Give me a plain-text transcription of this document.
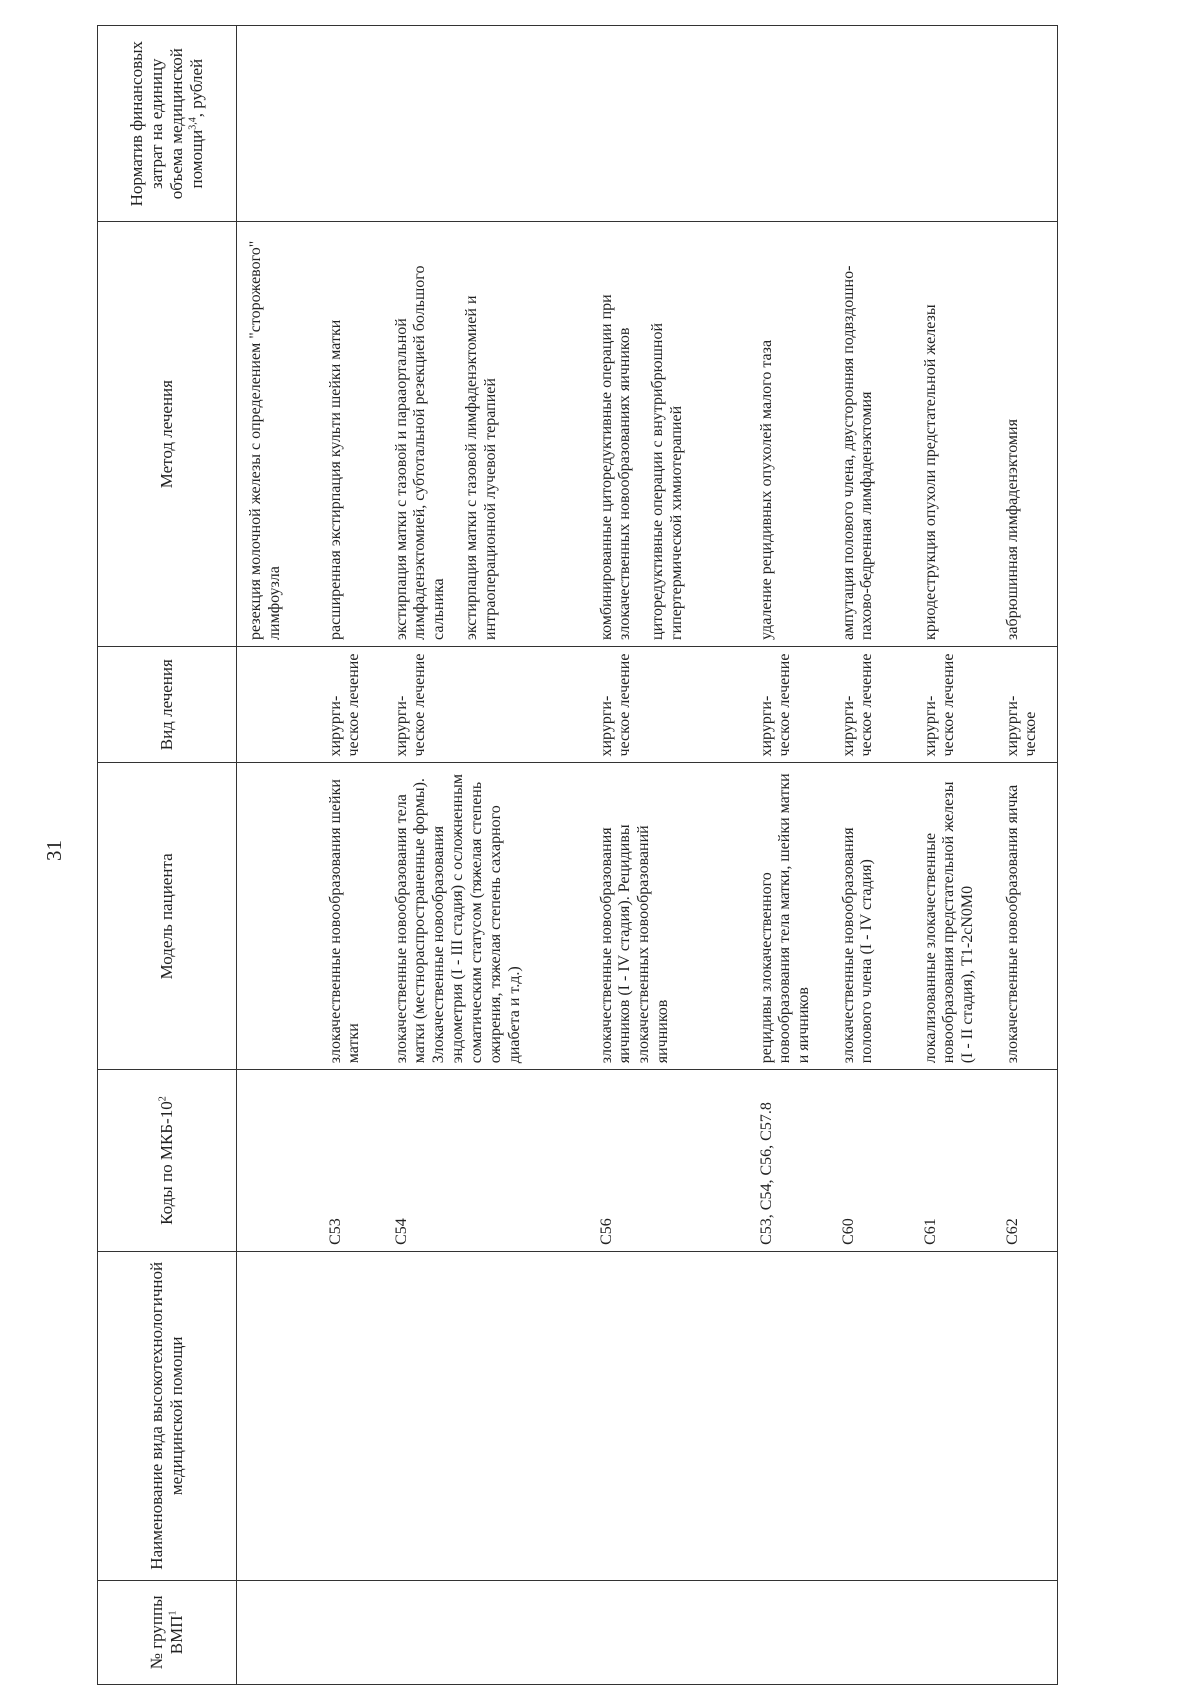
31
№ группы ВМП$^1$	Наименование вида высокотехнологичной медицинской помощи	Коды по МКБ-$10^2$	Модель пациента	Вид лечения	Метод лечения	Норматив финансовых затрат на единицу объема медицинской помощи$^{3,4}$, рублей

					резекция молочной железы с определением "сторожевого" лимфоузла	

		C53	злокачественные новообразования шейки матки	хирурги-ческое лечение	расширенная экстирпация культи шейки матки	

		C54	злокачественные новообразования тела матки (местнораспространенные формы). Злокачественные новообразования эндометрия (I - III стадия) с осложненным соматическим статусом (тяжелая степень ожирения, тяжелая степень сахарного диабета и т.д.)	хирурги-ческое лечение	экстирпация матки с тазовой и парааортальной лимфаденэктомией, субтотальной резекцией большого сальника экстирпация матки с тазовой лимфаденэктомией и интраоперационной лучевой терапией	

		C56	злокачественные новообразования яичников (I - IV стадия). Рецидивы злокачественных новообразований яичников	хирурги-ческое лечение	комбинированные циторедуктивные операции при злокачественных новообразованиях яичников циторедуктивные операции с внутрибрюшной гипертермической химиотерапией	

		C53, C54, C56, C57.8	рецидивы злокачественного новообразования тела матки, шейки матки и яичников	хирурги-ческое лечение	удаление рецидивных опухолей малого таза	

		C60	злокачественные новообразования полового члена (I - IV стадия)	хирурги-ческое лечение	ампутация полового члена, двусторонняя подвздошно-пахово-бедренная лимфаденэктомия	

		C61	локализованные злокачественные новообразования предстательной железы (I - II стадия), T1-2cN0M0	хирурги-ческое лечение	криодеструкция опухоли предстательной железы	

		C62	злокачественные новообразования яичка	хирурги-ческое	забрюшинная лимфаденэктомия	
